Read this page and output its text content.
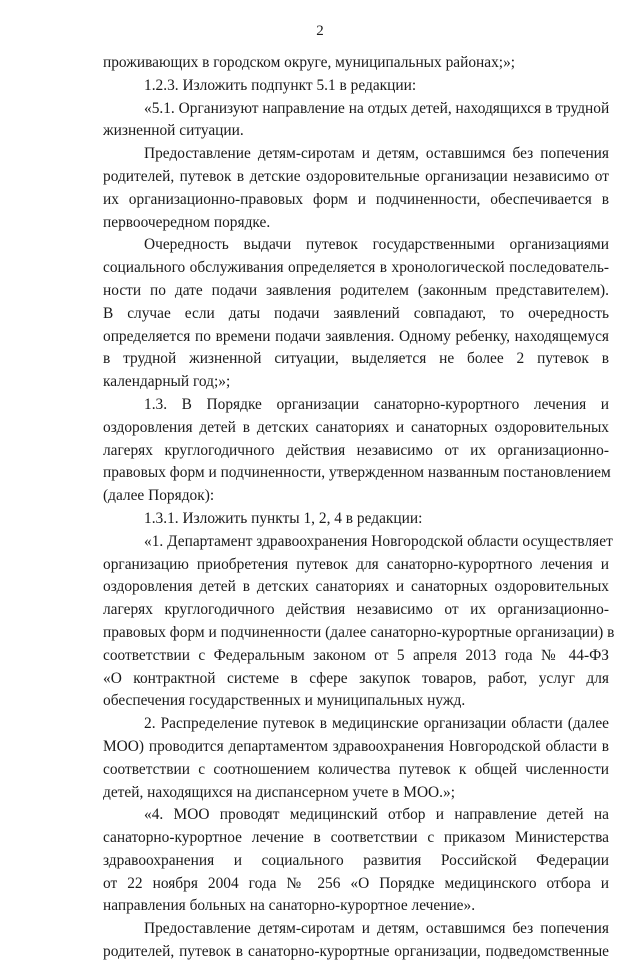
2
проживающих в городском округе, муниципальных районах;»;
1.2.3. Изложить подпункт 5.1 в редакции:
«5.1. Организуют направление на отдых детей, находящихся в трудной
жизненной ситуации.
Предоставление детям-сиротам и детям, оставшимся без попечения
родителей, путевок в детские оздоровительные организации независимо от
их организационно-правовых форм и подчиненности, обеспечивается в
первоочередном порядке.
Очередность выдачи путевок государственными организациями
социального обслуживания определяется в хронологической последователь-
ности по дате подачи заявления родителем (законным представителем).
В случае если даты подачи заявлений совпадают, то очередность
определяется по времени подачи заявления. Одному ребенку, находящемуся
в трудной жизненной ситуации, выделяется не более 2 путевок в
календарный год;»;
1.3. В Порядке организации санаторно-курортного лечения и
оздоровления детей в детских санаториях и санаторных оздоровительных
лагерях круглогодичного действия независимо от их организационно-
правовых форм и подчиненности, утвержденном названным постановлением
(далее Порядок):
1.3.1. Изложить пункты 1, 2, 4 в редакции:
«1. Департамент здравоохранения Новгородской области осуществляет
организацию приобретения путевок для санаторно-курортного лечения и
оздоровления детей в детских санаториях и санаторных оздоровительных
лагерях круглогодичного действия независимо от их организационно-
правовых форм и подчиненности (далее санаторно-курортные организации) в
соответствии с Федеральным законом от 5 апреля 2013 года № 44-ФЗ
«О контрактной системе в сфере закупок товаров, работ, услуг для
обеспечения государственных и муниципальных нужд.
2. Распределение путевок в медицинские организации области (далее
МОО) проводится департаментом здравоохранения Новгородской области в
соответствии с соотношением количества путевок к общей численности
детей, находящихся на диспансерном учете в МОО.»;
«4. МОО проводят медицинский отбор и направление детей на
санаторно-курортное лечение в соответствии с приказом Министерства
здравоохранения и социального развития Российской Федерации
от 22 ноября 2004 года № 256 «О Порядке медицинского отбора и
направления больных на санаторно-курортное лечение».
Предоставление детям-сиротам и детям, оставшимся без попечения
родителей, путевок в санаторно-курортные организации, подведомственные
